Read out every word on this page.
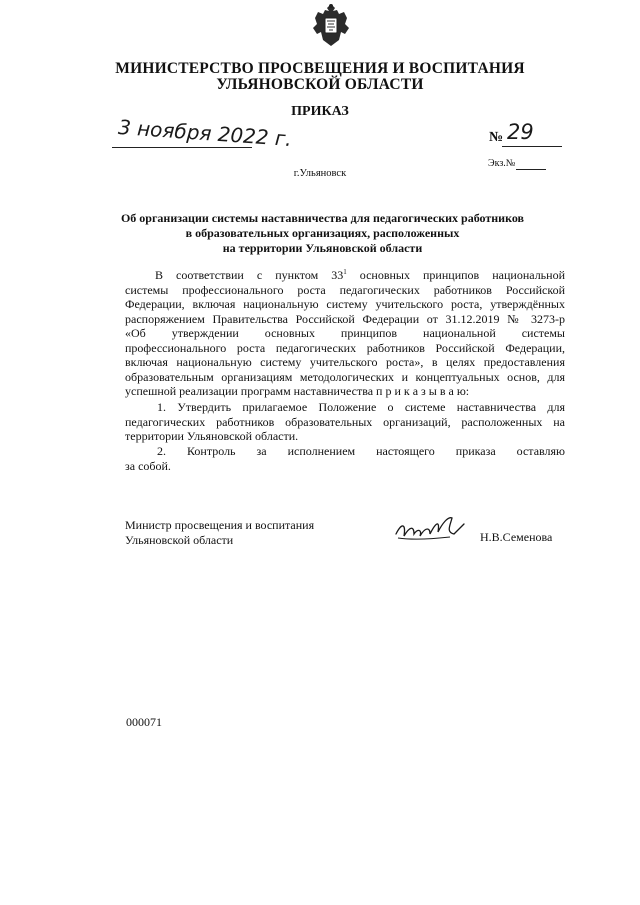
МИНИСТЕРСТВО ПРОСВЕЩЕНИЯ И ВОСПИТАНИЯ
УЛЬЯНОВСКОЙ ОБЛАСТИ
ПРИКАЗ
3 ноября 2022 г.	№ 29
Экз.№
г.Ульяновск
Об организации системы наставничества для педагогических работников
в образовательных организациях, расположенных
на территории Ульяновской области
В соответствии с пунктом $33^1$ основных принципов национальной
системы профессионального роста педагогических работников Российской
Федерации, включая национальную систему учительского роста, утверждённых
распоряжением Правительства Российской Федерации от 31.12.2019 № 3273-р
«Об утверждении основных принципов национальной системы
профессионального роста педагогических работников Российской Федерации,
включая национальную систему учительского роста», в целях предоставления
образовательным организациям методологических и концептуальных основ, для
успешной реализации программ наставничества п р и к а з ы в а ю:
1. Утвердить прилагаемое Положение о системе наставничества для
педагогических работников образовательных организаций, расположенных на
территории Ульяновской области.
2. Контроль за исполнением настоящего приказа оставляю
за собой.
Министр просвещения и воспитания
Ульяновской области	Н.В.Семенова
000071
